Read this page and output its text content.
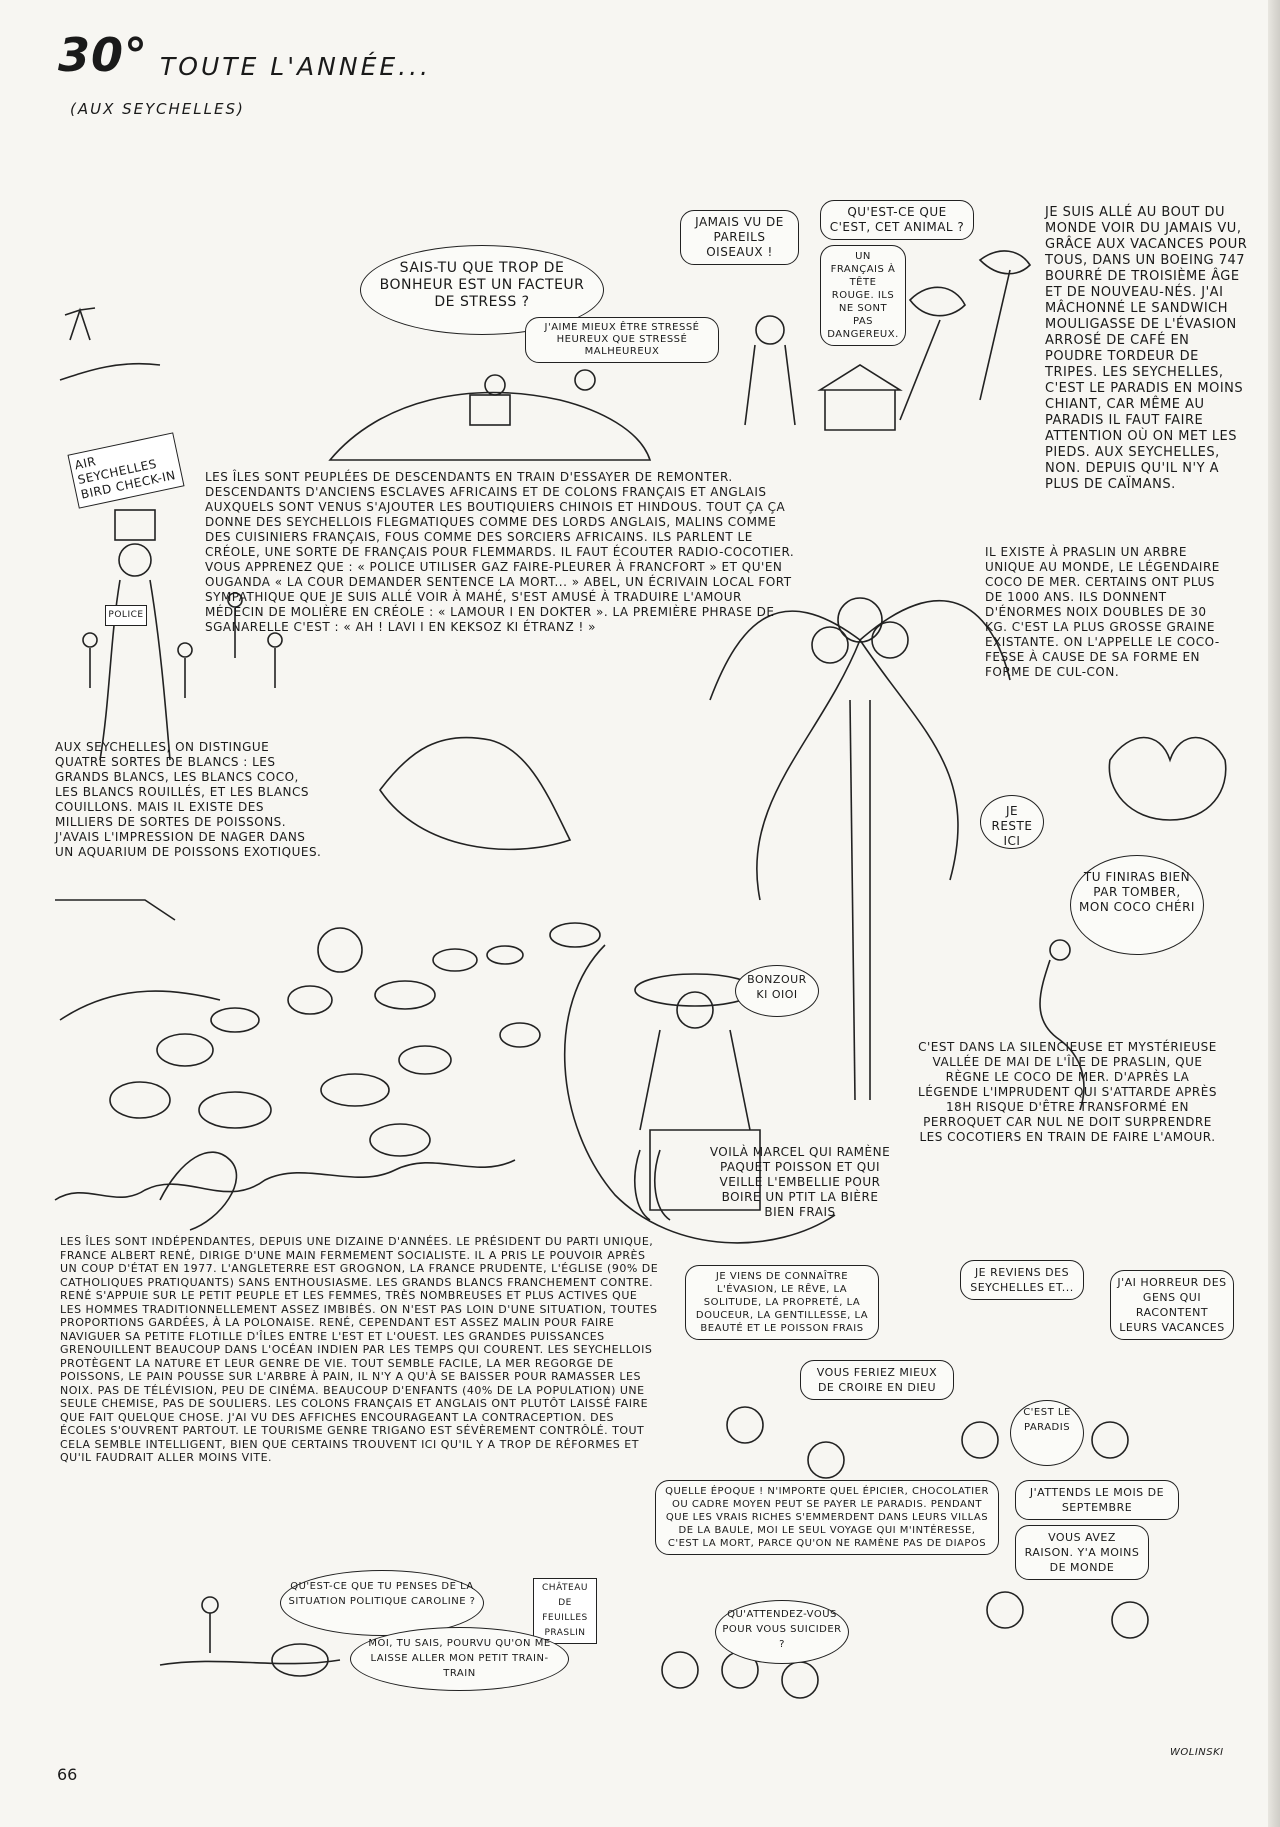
30° TOUTE L'ANNÉE...
(AUX SEYCHELLES)
AIR SEYCHELLES BIRD CHECK-IN
POLICE
CHÂTEAU DE FEUILLES PRASLIN
WOLINSKI
SAIS-TU QUE TROP DE BONHEUR EST UN FACTEUR DE STRESS ?
J'AIME MIEUX ÊTRE STRESSÉ HEUREUX QUE STRESSÉ MALHEUREUX
JAMAIS VU DE PAREILS OISEAUX !
QU'EST-CE QUE C'EST, CET ANIMAL ?
UN FRANÇAIS À TÊTE ROUGE. ILS NE SONT PAS DANGEREUX.
JE RESTE ICI
TU FINIRAS BIEN PAR TOMBER, MON COCO CHÉRI
BONZOUR KI OIOI
JE VIENS DE CONNAÎTRE L'ÉVASION, LE RÊVE, LA SOLITUDE, LA PROPRETÉ, LA DOUCEUR, LA GENTILLESSE, LA BEAUTÉ ET LE POISSON FRAIS
VOUS FERIEZ MIEUX DE CROIRE EN DIEU
JE REVIENS DES SEYCHELLES ET...	J'AI HORREUR DES GENS QUI RACONTENT LEURS VACANCES
C'EST LE PARADIS
QUELLE ÉPOQUE ! N'IMPORTE QUEL ÉPICIER, CHOCOLATIER OU CADRE MOYEN PEUT SE PAYER LE PARADIS. PENDANT QUE LES VRAIS RICHES S'EMMERDENT DANS LEURS VILLAS DE LA BAULE, MOI LE SEUL VOYAGE QUI M'INTÉRESSE, C'EST LA MORT, PARCE QU'ON NE RAMÈNE PAS DE DIAPOS
J'ATTENDS LE MOIS DE SEPTEMBRE
VOUS AVEZ RAISON. Y'A MOINS DE MONDE
QU'ATTENDEZ-VOUS POUR VOUS SUICIDER ?
QU'EST-CE QUE TU PENSES DE LA SITUATION POLITIQUE CAROLINE ?
MOI, TU SAIS, POURVU QU'ON ME LAISSE ALLER MON PETIT TRAIN-TRAIN
JE SUIS ALLÉ AU BOUT DU MONDE VOIR DU JAMAIS VU, GRÂCE AUX VACANCES POUR TOUS, DANS UN BOEING 747 BOURRÉ DE TROISIÈME ÂGE ET DE NOUVEAU-NÉS. J'AI MÂCHONNÉ LE SANDWICH MOULIGASSE DE L'ÉVASION ARROSÉ DE CAFÉ EN POUDRE TORDEUR DE TRIPES. LES SEYCHELLES, C'EST LE PARADIS EN MOINS CHIANT, CAR MÊME AU PARADIS IL FAUT FAIRE ATTENTION OÙ ON MET LES PIEDS. AUX SEYCHELLES, NON. DEPUIS QU'IL N'Y A PLUS DE CAÏMANS.
LES ÎLES SONT PEUPLÉES DE DESCENDANTS EN TRAIN D'ESSAYER DE REMONTER. DESCENDANTS D'ANCIENS ESCLAVES AFRICAINS ET DE COLONS FRANÇAIS ET ANGLAIS AUXQUELS SONT VENUS S'AJOUTER LES BOUTIQUIERS CHINOIS ET HINDOUS. TOUT ÇA ÇA DONNE DES SEYCHELLOIS FLEGMATIQUES COMME DES LORDS ANGLAIS, MALINS COMME DES CUISINIERS FRANÇAIS, FOUS COMME DES SORCIERS AFRICAINS. ILS PARLENT LE CRÉOLE, UNE SORTE DE FRANÇAIS POUR FLEMMARDS. IL FAUT ÉCOUTER RADIO-COCOTIER. VOUS APPRENEZ QUE : « POLICE UTILISER GAZ FAIRE-PLEURER À FRANCFORT » ET QU'EN OUGANDA « LA COUR DEMANDER SENTENCE LA MORT... » ABEL, UN ÉCRIVAIN LOCAL FORT SYMPATHIQUE QUE JE SUIS ALLÉ VOIR À MAHÉ, S'EST AMUSÉ À TRADUIRE L'AMOUR MÉDECIN DE MOLIÈRE EN CRÉOLE : « LAMOUR I EN DOKTER ». LA PREMIÈRE PHRASE DE SGANARELLE C'EST : « AH ! LAVI I EN KEKSOZ KI ÉTRANZ ! »
AUX SEYCHELLES, ON DISTINGUE QUATRE SORTES DE BLANCS : LES GRANDS BLANCS, LES BLANCS COCO, LES BLANCS ROUILLÉS, ET LES BLANCS COUILLONS. MAIS IL EXISTE DES MILLIERS DE SORTES DE POISSONS. J'AVAIS L'IMPRESSION DE NAGER DANS UN AQUARIUM DE POISSONS EXOTIQUES.
IL EXISTE À PRASLIN UN ARBRE UNIQUE AU MONDE, LE LÉGENDAIRE COCO DE MER. CERTAINS ONT PLUS DE 1000 ANS. ILS DONNENT D'ÉNORMES NOIX DOUBLES DE 30 KG. C'EST LA PLUS GROSSE GRAINE EXISTANTE. ON L'APPELLE LE COCO-FESSE À CAUSE DE SA FORME EN FORME DE CUL-CON.
C'EST DANS LA SILENCIEUSE ET MYSTÉRIEUSE VALLÉE DE MAI DE L'ÎLE DE PRASLIN, QUE RÈGNE LE COCO DE MER. D'APRÈS LA LÉGENDE L'IMPRUDENT QUI S'ATTARDE APRÈS 18H RISQUE D'ÊTRE TRANSFORMÉ EN PERROQUET CAR NUL NE DOIT SURPRENDRE LES COCOTIERS EN TRAIN DE FAIRE L'AMOUR.
VOILÀ MARCEL QUI RAMÈNE PAQUET POISSON ET QUI VEILLE L'EMBELLIE POUR BOIRE UN PTIT LA BIÈRE BIEN FRAIS
LES ÎLES SONT INDÉPENDANTES, DEPUIS UNE DIZAINE D'ANNÉES. LE PRÉSIDENT DU PARTI UNIQUE, FRANCE ALBERT RENÉ, DIRIGE D'UNE MAIN FERMEMENT SOCIALISTE. IL A PRIS LE POUVOIR APRÈS UN COUP D'ÉTAT EN 1977. L'ANGLETERRE EST GROGNON, LA FRANCE PRUDENTE, L'ÉGLISE (90% DE CATHOLIQUES PRATIQUANTS) SANS ENTHOUSIASME. LES GRANDS BLANCS FRANCHEMENT CONTRE. RENÉ S'APPUIE SUR LE PETIT PEUPLE ET LES FEMMES, TRÈS NOMBREUSES ET PLUS ACTIVES QUE LES HOMMES TRADITIONNELLEMENT ASSEZ IMBIBÉS. ON N'EST PAS LOIN D'UNE SITUATION, TOUTES PROPORTIONS GARDÉES, À LA POLONAISE. RENÉ, CEPENDANT EST ASSEZ MALIN POUR FAIRE NAVIGUER SA PETITE FLOTILLE D'ÎLES ENTRE L'EST ET L'OUEST. LES GRANDES PUISSANCES GRENOUILLENT BEAUCOUP DANS L'OCÉAN INDIEN PAR LES TEMPS QUI COURENT. LES SEYCHELLOIS PROTÈGENT LA NATURE ET LEUR GENRE DE VIE. TOUT SEMBLE FACILE, LA MER REGORGE DE POISSONS, LE PAIN POUSSE SUR L'ARBRE À PAIN, IL N'Y A QU'À SE BAISSER POUR RAMASSER LES NOIX. PAS DE TÉLÉVISION, PEU DE CINÉMA. BEAUCOUP D'ENFANTS (40% DE LA POPULATION) UNE SEULE CHEMISE, PAS DE SOULIERS. LES COLONS FRANÇAIS ET ANGLAIS ONT PLUTÔT LAISSÉ FAIRE QUE FAIT QUELQUE CHOSE. J'AI VU DES AFFICHES ENCOURAGEANT LA CONTRACEPTION. DES ÉCOLES S'OUVRENT PARTOUT. LE TOURISME GENRE TRIGANO EST SÉVÈREMENT CONTRÔLÉ. TOUT CELA SEMBLE INTELLIGENT, BIEN QUE CERTAINS TROUVENT ICI QU'IL Y A TROP DE RÉFORMES ET QU'IL FAUDRAIT ALLER MOINS VITE.
66
